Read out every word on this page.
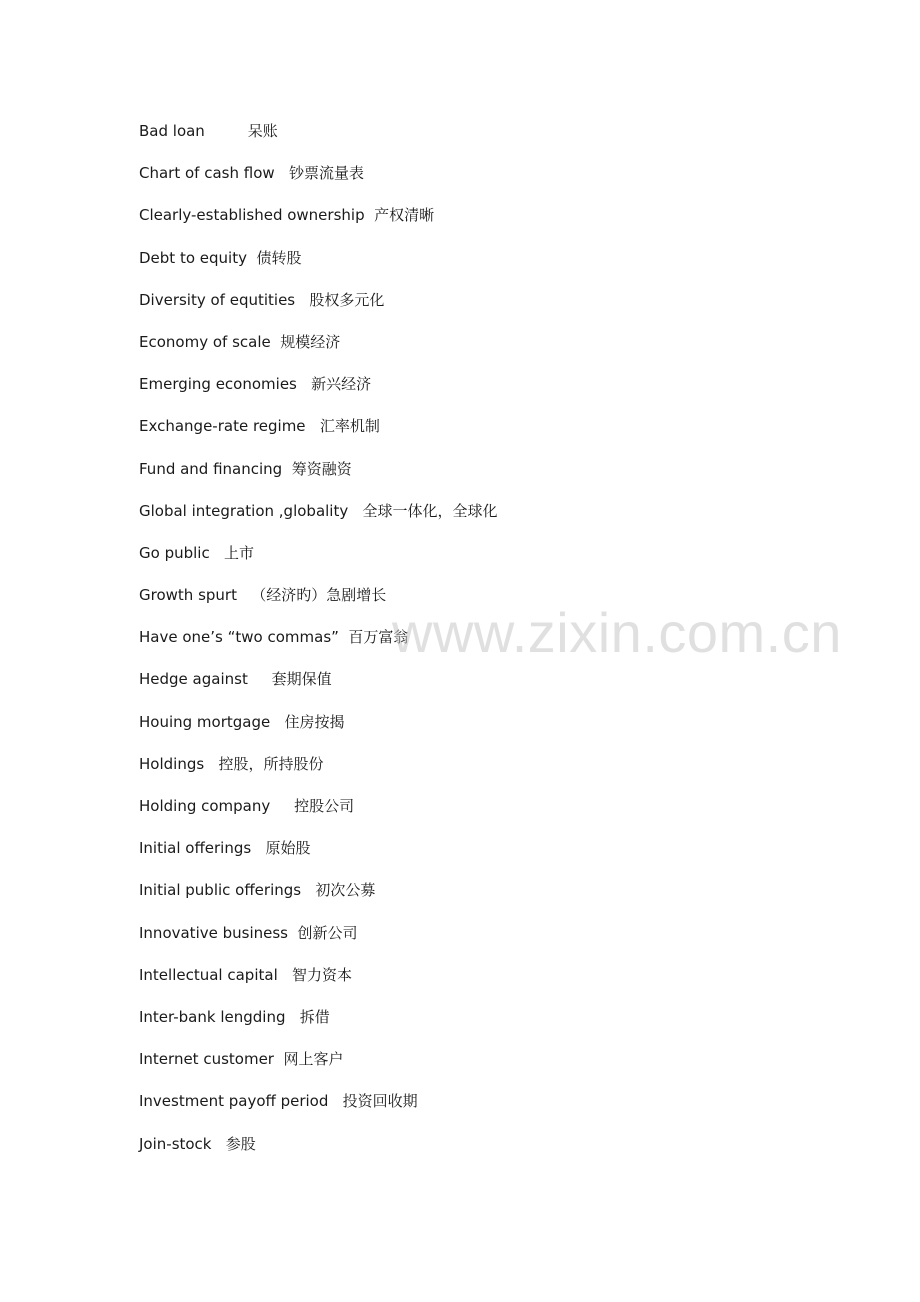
Bad loan         呆账
Chart of cash flow   钞票流量表
Clearly-established ownership  产权清晰
Debt to equity  债转股
Diversity of equtities   股权多元化
Economy of scale  规模经济
Emerging economies   新兴经济
Exchange-rate regime   汇率机制
Fund and financing  筹资融资
Global integration ,globality   全球一体化，全球化
Go public   上市
Growth spurt   （经济旳）急剧增长
Have one’s “two commas”  百万富翁
Hedge against     套期保值
Houing mortgage   住房按揭
Holdings   控股，所持股份
Holding company     控股公司
Initial offerings   原始股
Initial public offerings   初次公募
Innovative business  创新公司
Intellectual capital   智力资本
Inter-bank lengding   拆借
Internet customer  网上客户
Investment payoff period   投资回收期
Join-stock   参股
www.zixin.com.cn
